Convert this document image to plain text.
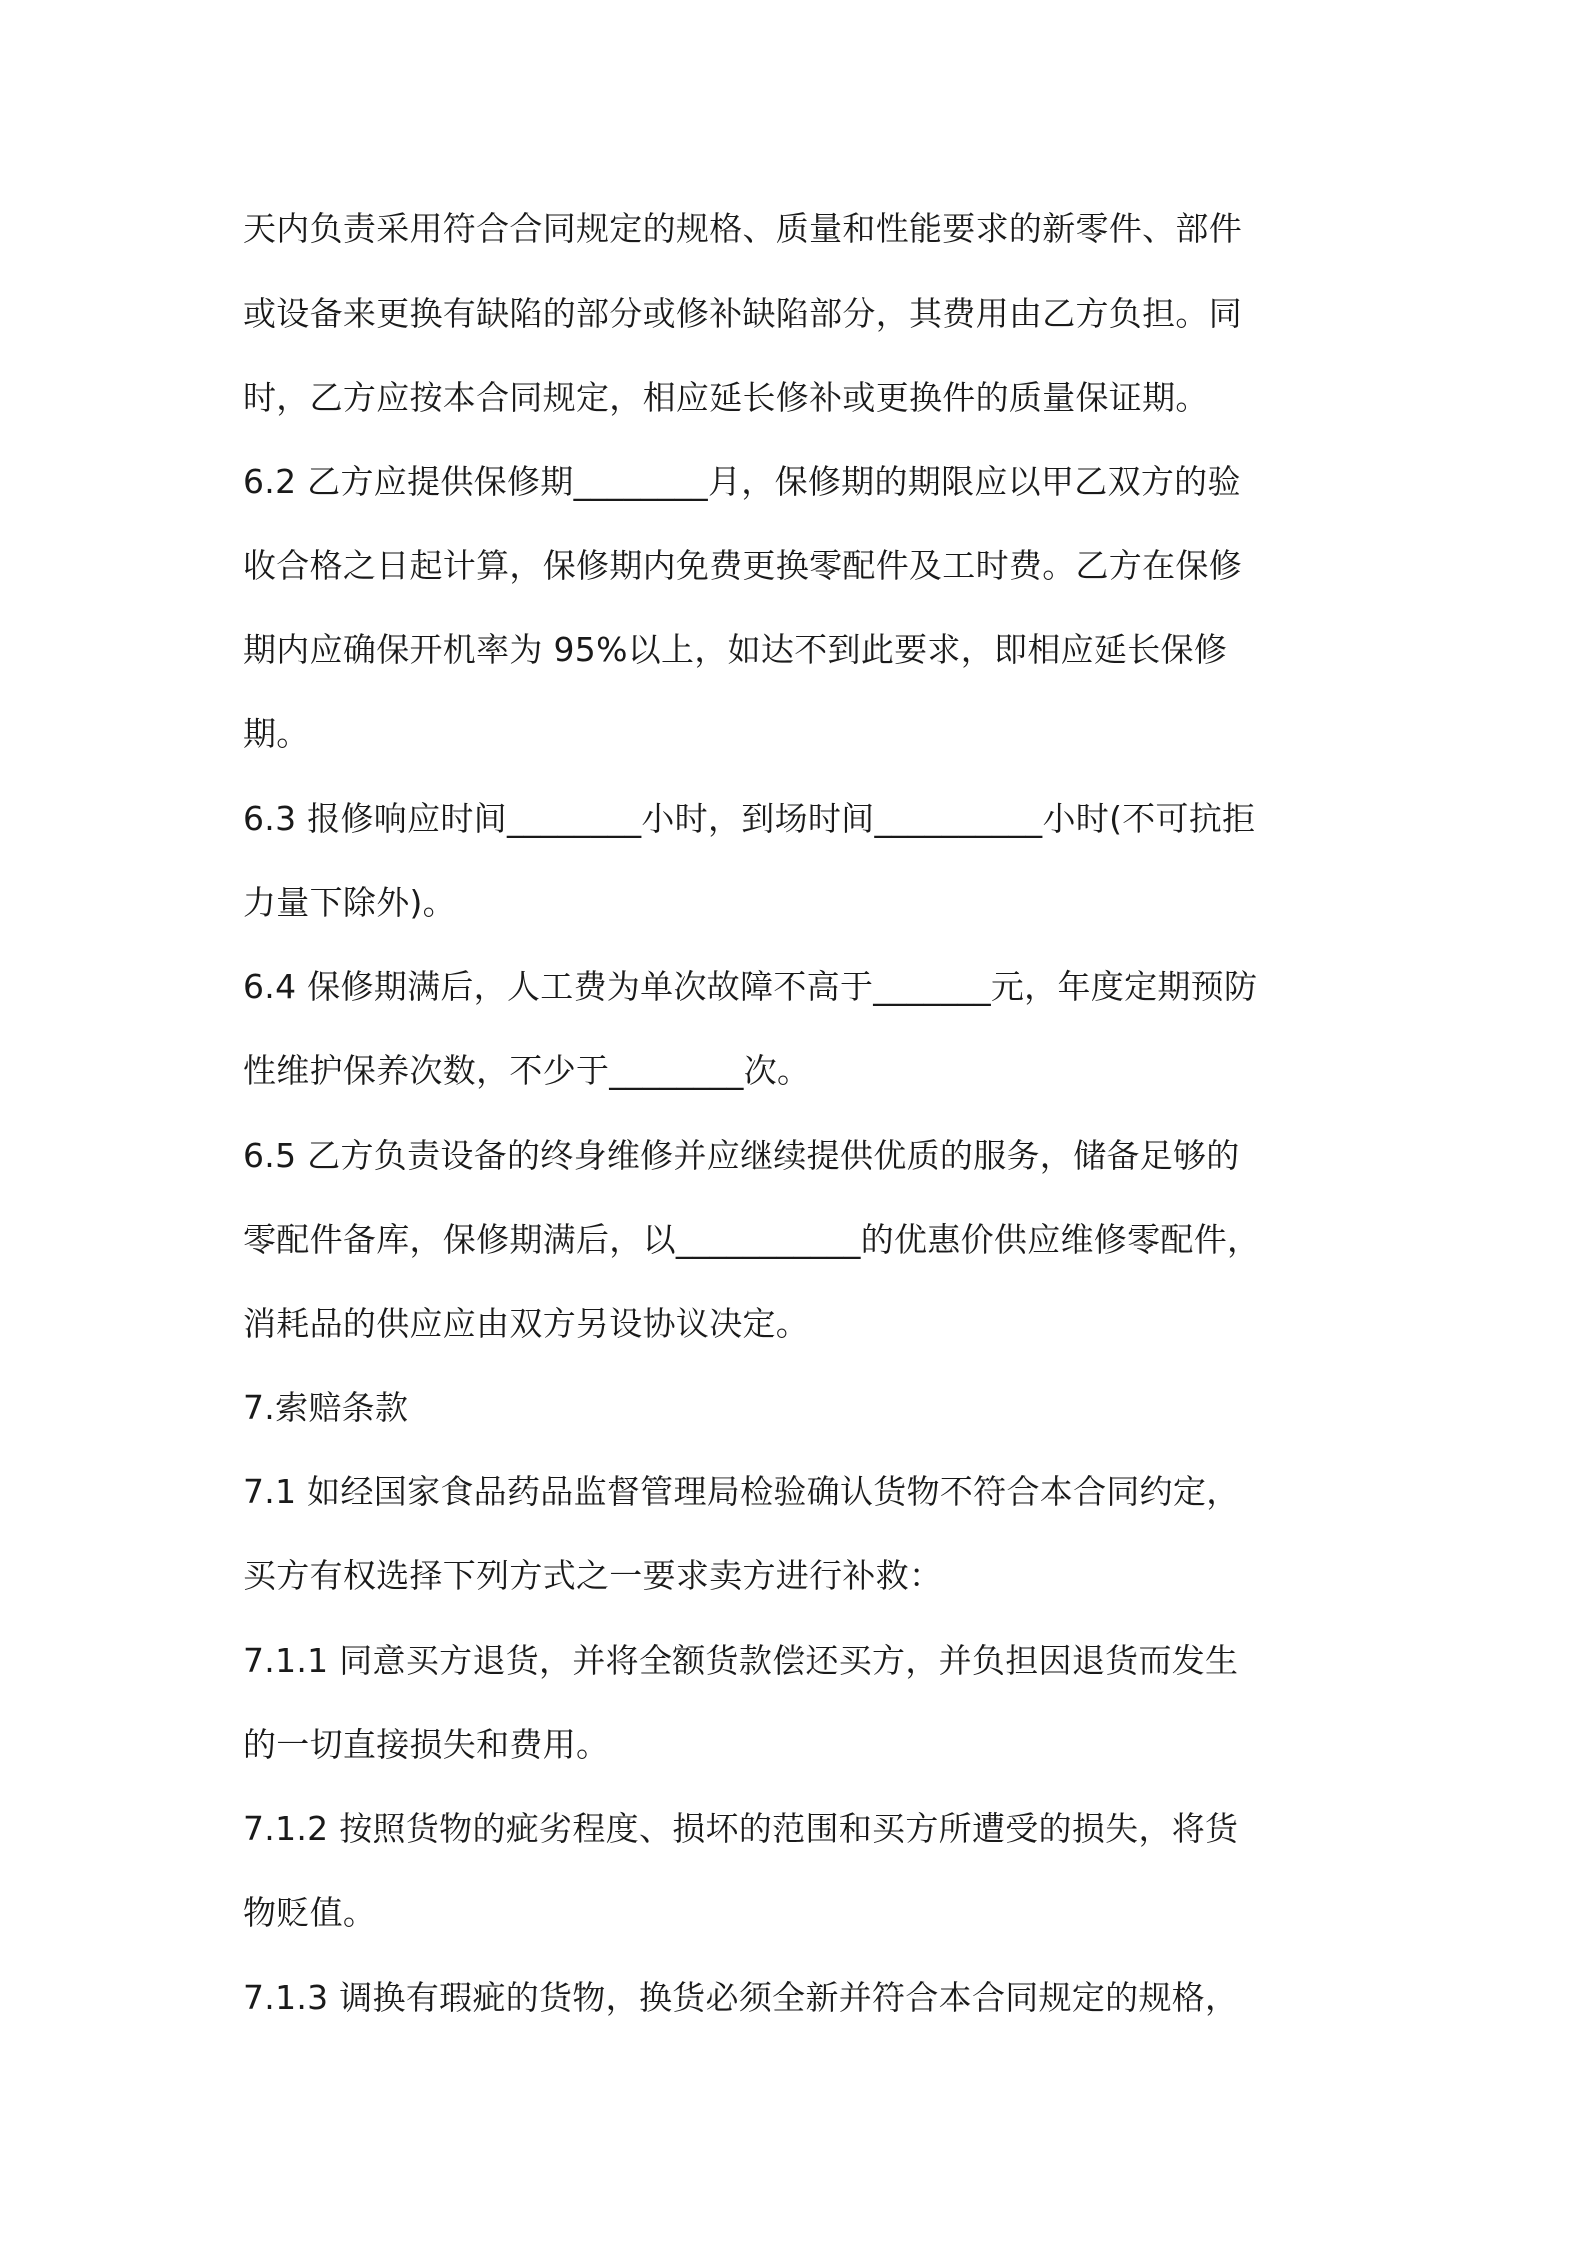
天内负责采用符合合同规定的规格、质量和性能要求的新零件、部件
或设备来更换有缺陷的部分或修补缺陷部分，其费用由乙方负担。同
时，乙方应按本合同规定，相应延长修补或更换件的质量保证期。
6.2 乙方应提供保修期________月，保修期的期限应以甲乙双方的验
收合格之日起计算，保修期内免费更换零配件及工时费。乙方在保修
期内应确保开机率为 95%以上，如达不到此要求，即相应延长保修
期。
6.3 报修响应时间________小时，到场时间__________小时(不可抗拒
力量下除外)。
6.4 保修期满后，人工费为单次故障不高于_______元，年度定期预防
性维护保养次数，不少于________次。
6.5 乙方负责设备的终身维修并应继续提供优质的服务，储备足够的
零配件备库，保修期满后，以___________的优惠价供应维修零配件，
消耗品的供应应由双方另设协议决定。
7.索赔条款
7.1 如经国家食品药品监督管理局检验确认货物不符合本合同约定，
买方有权选择下列方式之一要求卖方进行补救：
7.1.1 同意买方退货，并将全额货款偿还买方，并负担因退货而发生
的一切直接损失和费用。
7.1.2 按照货物的疵劣程度、损坏的范围和买方所遭受的损失，将货
物贬值。
7.1.3 调换有瑕疵的货物，换货必须全新并符合本合同规定的规格，
